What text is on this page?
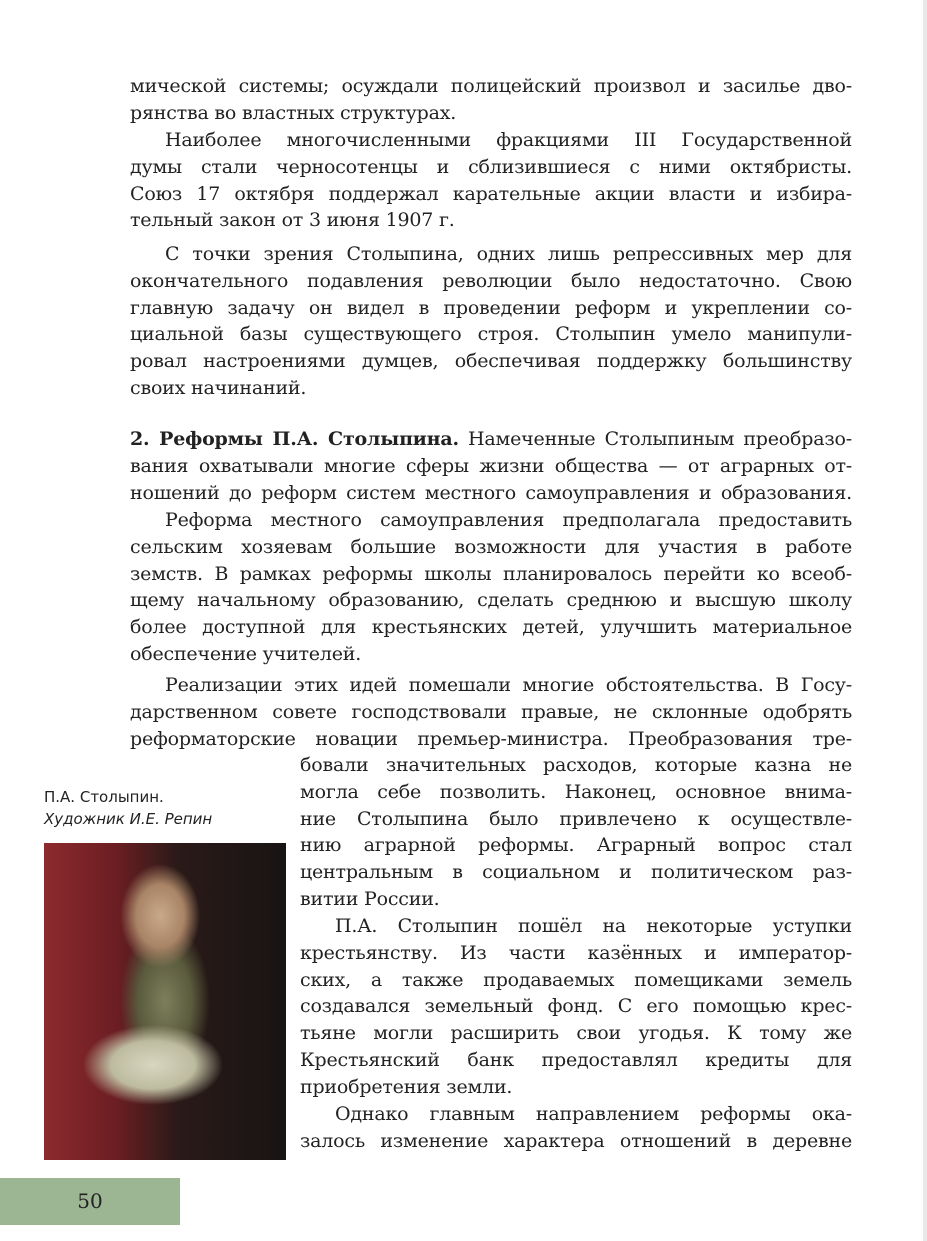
мической системы; осуждали полицейский произвол и засилье дво-
рянства во властных структурах.
Наиболее многочисленными фракциями III Государственной
думы стали черносотенцы и сблизившиеся с ними октябристы.
Союз 17 октября поддержал карательные акции власти и избира-
тельный закон от 3 июня 1907 г.
С точки зрения Столыпина, одних лишь репрессивных мер для
окончательного подавления революции было недостаточно. Свою
главную задачу он видел в проведении реформ и укреплении со-
циальной базы существующего строя. Столыпин умело манипули-
ровал настроениями думцев, обеспечивая поддержку большинству
своих начинаний.
2. Реформы П.А. Столыпина. Намеченные Столыпиным преобразо-
вания охватывали многие сферы жизни общества — от аграрных от-
ношений до реформ систем местного самоуправления и образования.
Реформа местного самоуправления предполагала предоставить
сельским хозяевам большие возможности для участия в работе
земств. В рамках реформы школы планировалось перейти ко всеоб-
щему начальному образованию, сделать среднюю и высшую школу
более доступной для крестьянских детей, улучшить материальное
обеспечение учителей.
Реализации этих идей помешали многие обстоятельства. В Госу-
дарственном совете господствовали правые, не склонные одобрять
реформаторские новации премьер-министра. Преобразования тре-
бовали значительных расходов, которые казна не
могла себе позволить. Наконец, основное внима-
ние Столыпина было привлечено к осуществле-
нию аграрной реформы. Аграрный вопрос стал
центральным в социальном и политическом раз-
витии России.
П.А. Столыпин пошёл на некоторые уступки
крестьянству. Из части казённых и император-
ских, а также продаваемых помещиками земель
создавался земельный фонд. С его помощью крес-
тьяне могли расширить свои угодья. К тому же
Крестьянский банк предоставлял кредиты для
приобретения земли.
Однако главным направлением реформы ока-
залось изменение характера отношений в деревне
П.А. Столыпин.
Художник И.Е. Репин
50
